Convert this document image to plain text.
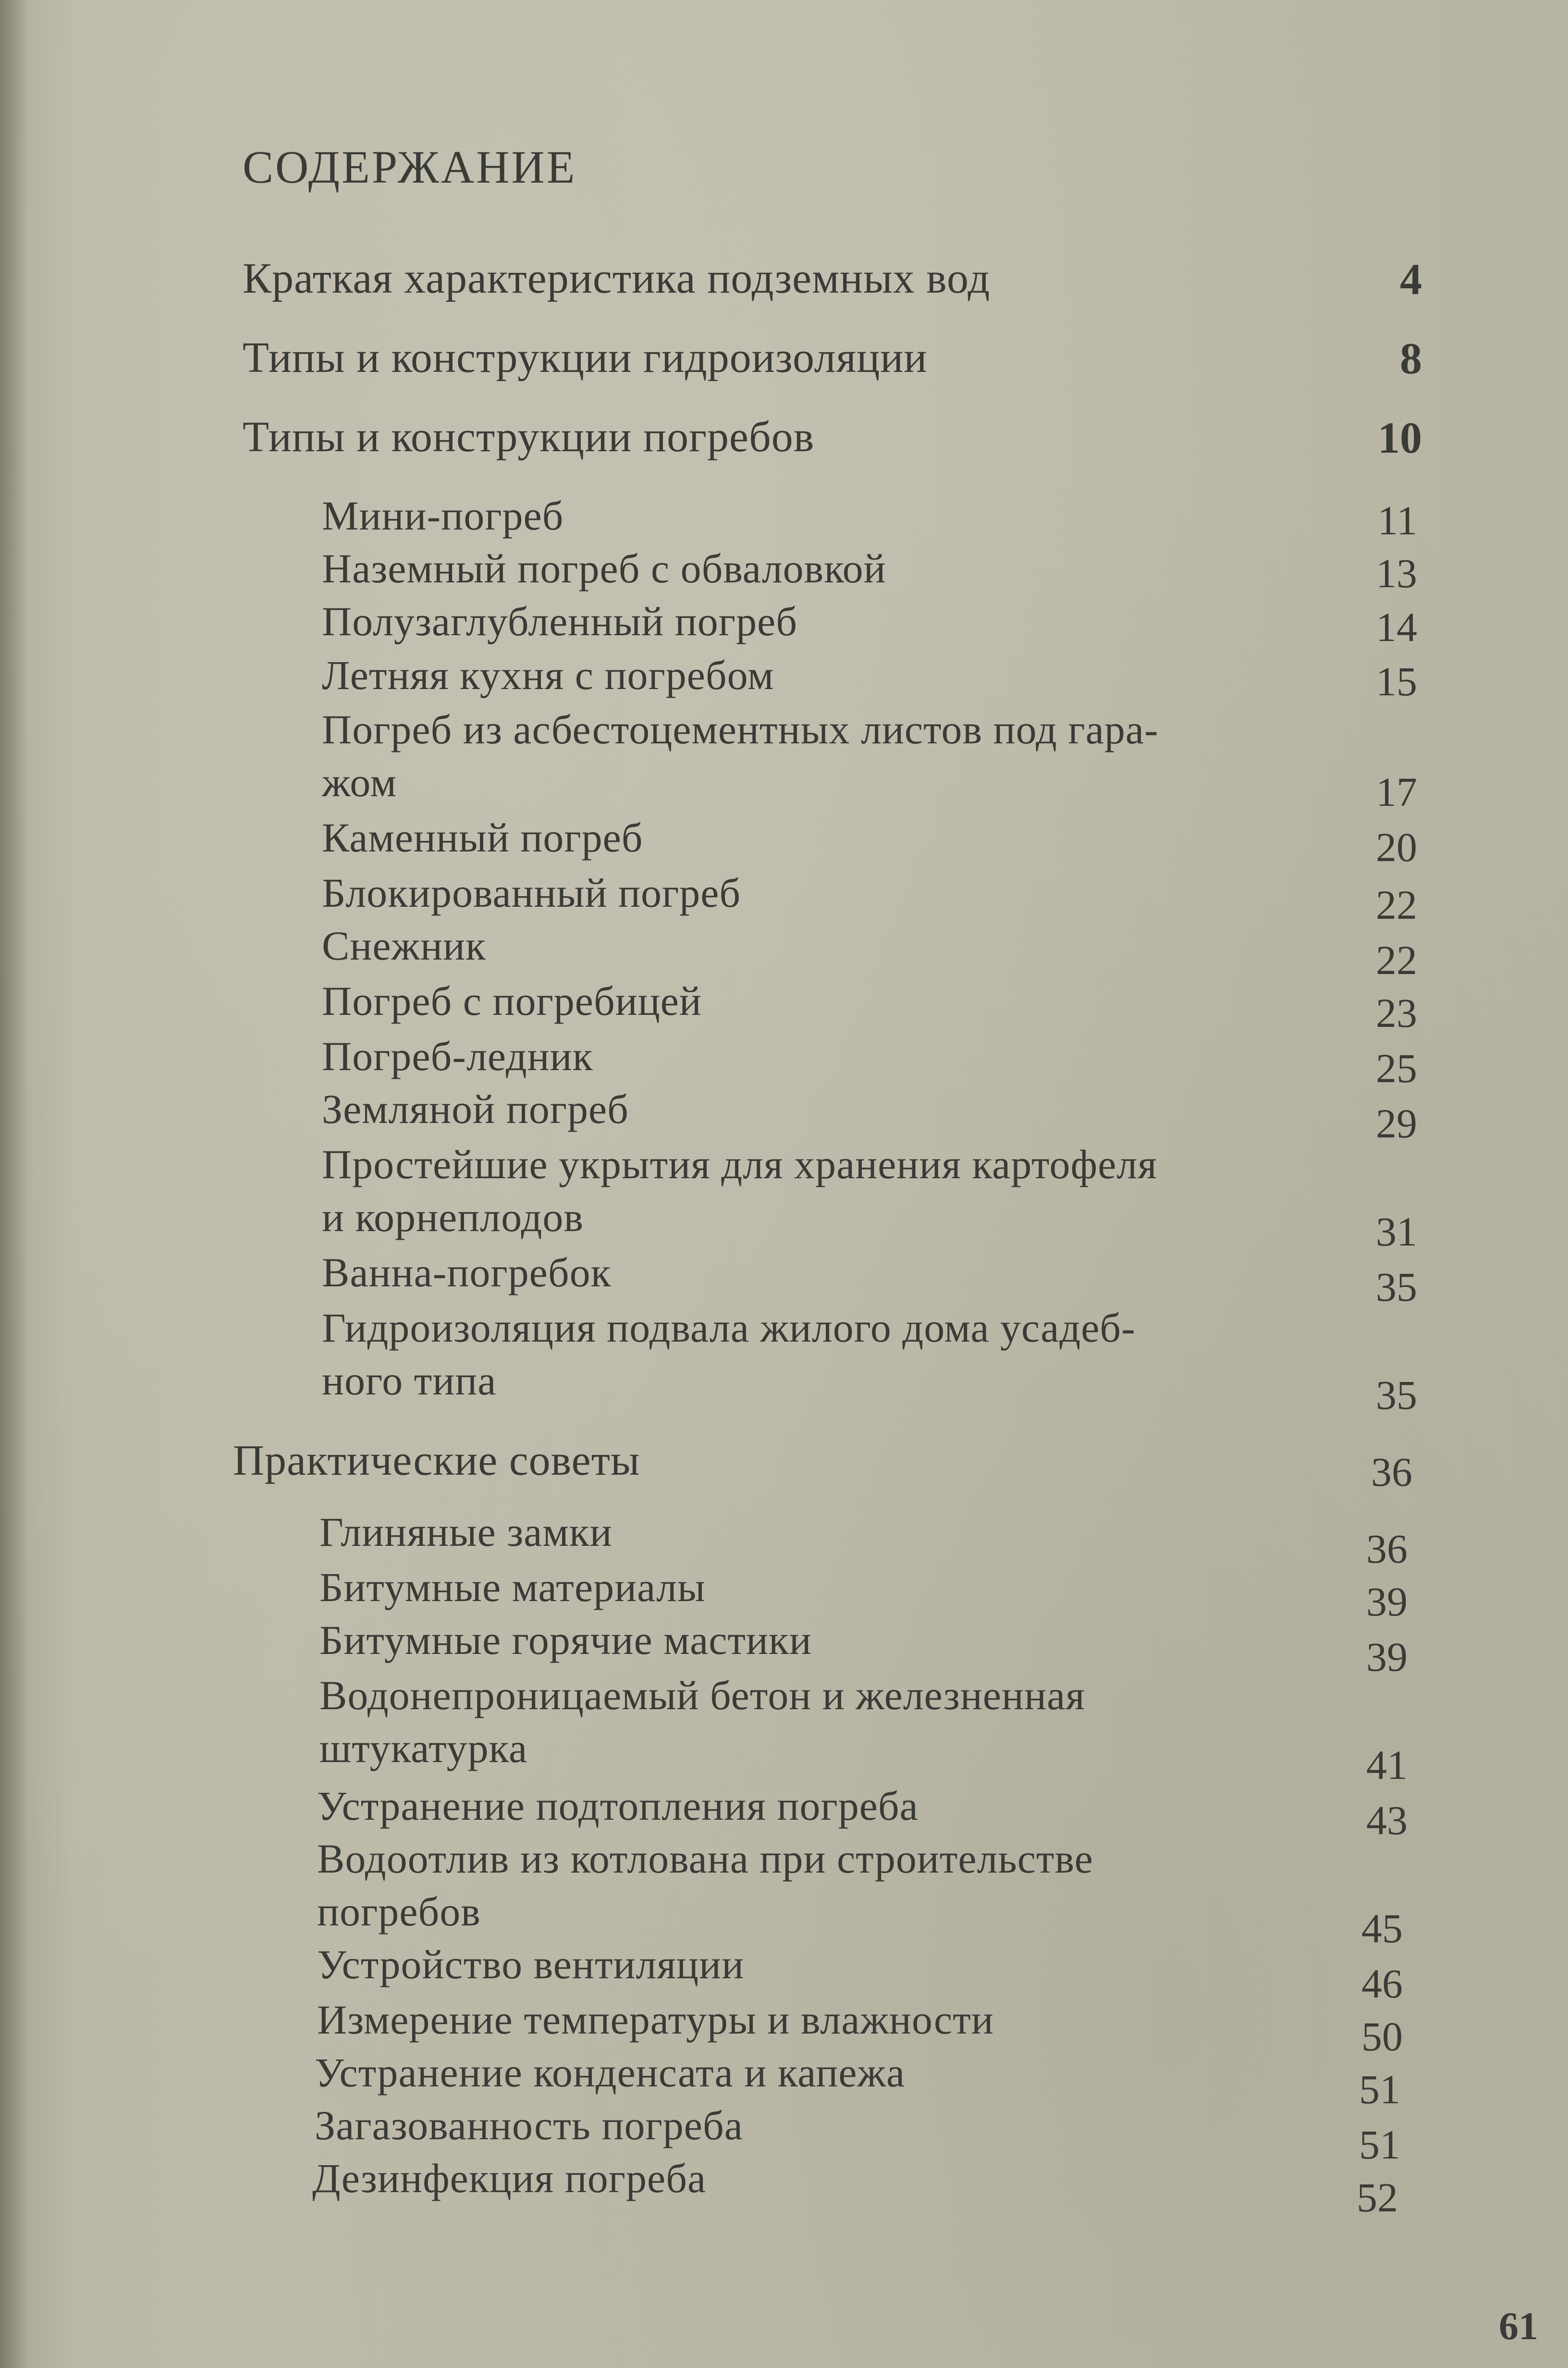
СОДЕРЖАНИЕ
Краткая характеристика подземных вод	4
Типы и конструкции гидроизоляции	8
Типы и конструкции погребов	10
Мини-погреб	11
Наземный погреб с обваловкой	13
Полузаглубленный погреб	14
Летняя кухня с погребом	15
Погреб из асбестоцементных листов под гара-
жом	17
Каменный погреб	20
Блокированный погреб	22
Снежник	22
Погреб с погребицей	23
Погреб-ледник	25
Земляной погреб	29
Простейшие укрытия для хранения картофеля
и корнеплодов	31
Ванна-погребок	35
Гидроизоляция подвала жилого дома усадеб-
ного типа	35
Практические советы	36
Глиняные замки	36
Битумные материалы	39
Битумные горячие мастики	39
Водонепроницаемый бетон и железненная
штукатурка	41
Устранение подтопления погреба	43
Водоотлив из котлована при строительстве
погребов	45
Устройство вентиляции	46
Измерение температуры и влажности	50
Устранение конденсата и капежа	51
Загазованность погреба	51
Дезинфекция погреба	52
61
